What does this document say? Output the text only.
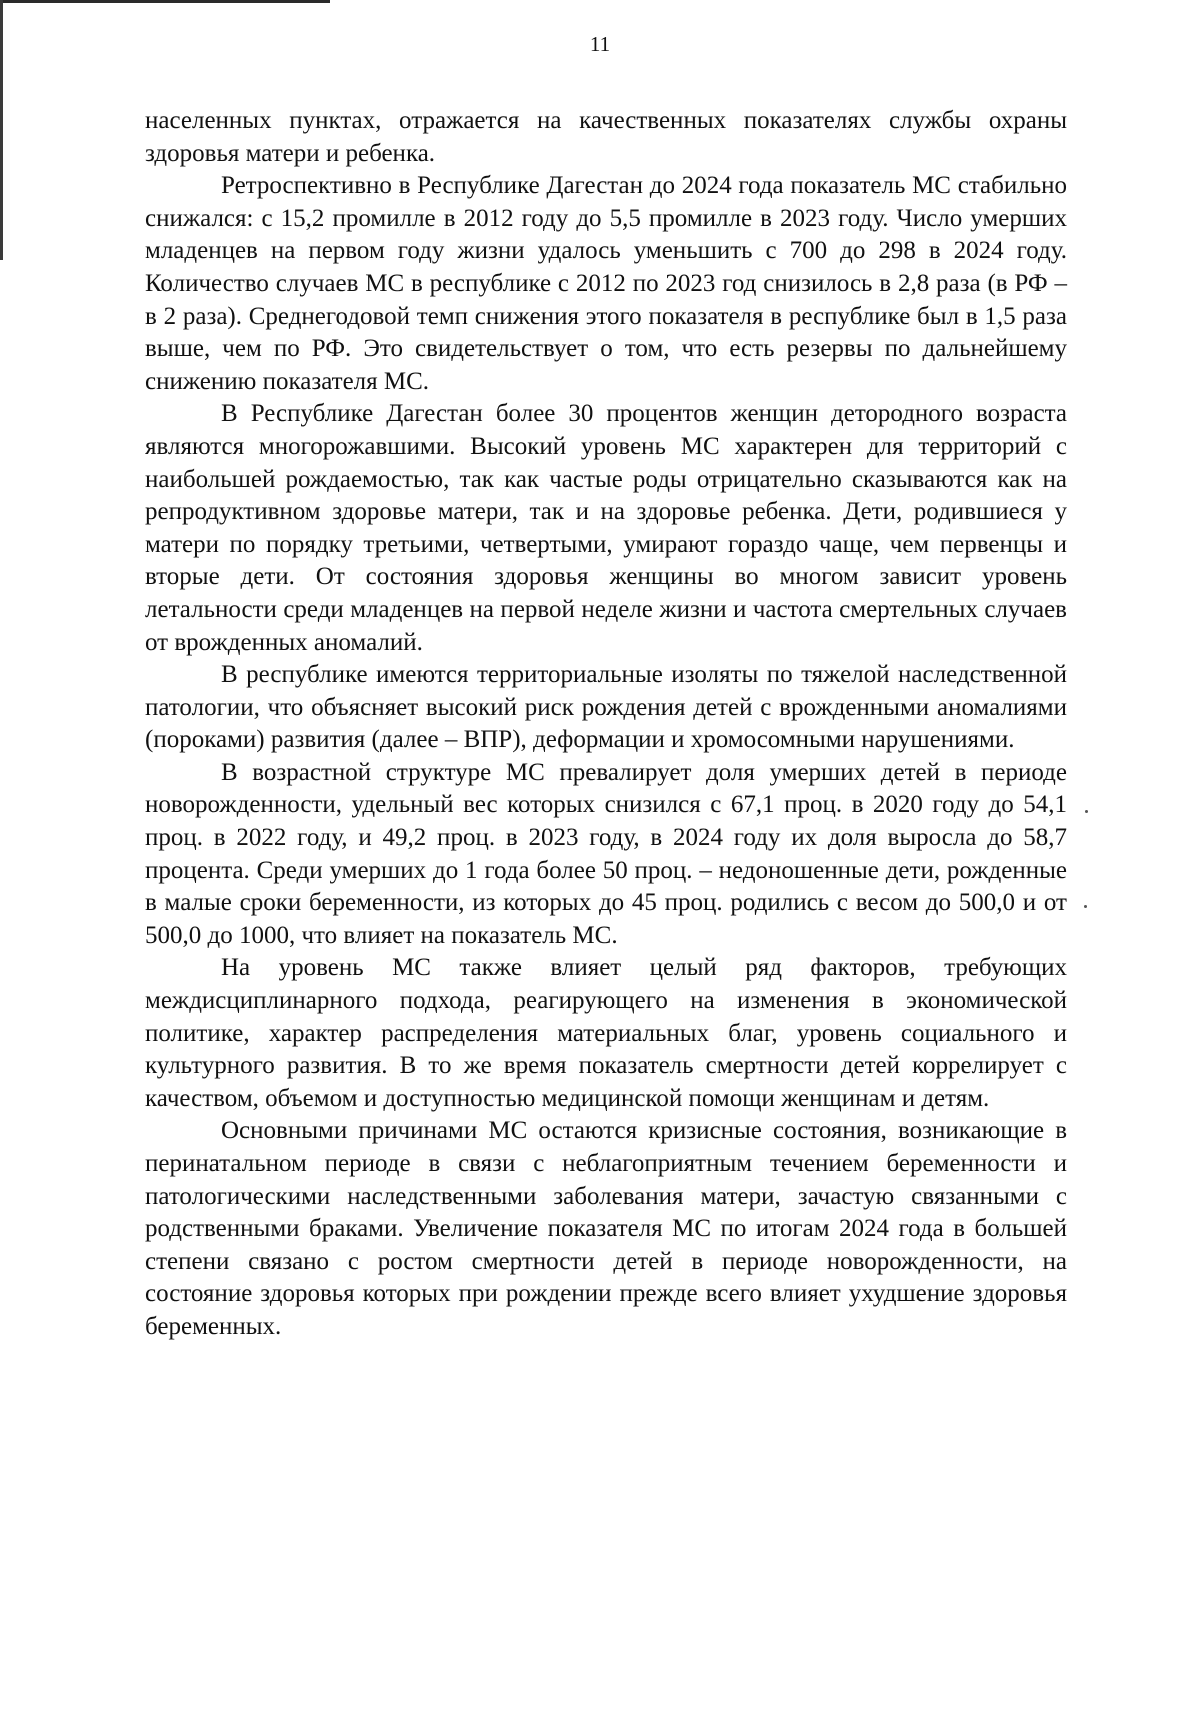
11

населенных пунктах, отражается на качественных показателях службы охраны здоровья матери и ребенка.

Ретроспективно в Республике Дагестан до 2024 года показатель МС стабильно снижался: с 15,2 промилле в 2012 году до 5,5 промилле в 2023 году. Число умерших младенцев на первом году жизни удалось уменьшить с 700 до 298 в 2024 году. Количество случаев МС в республике с 2012 по 2023 год снизилось в 2,8 раза (в РФ – в 2 раза). Среднегодовой темп снижения этого показателя в республике был в 1,5 раза выше, чем по РФ. Это свидетельствует о том, что есть резервы по дальнейшему снижению показателя МС.

В Республике Дагестан более 30 процентов женщин детородного возраста являются многорожавшими. Высокий уровень МС характерен для территорий с наибольшей рождаемостью, так как частые роды отрицательно сказываются как на репродуктивном здоровье матери, так и на здоровье ребенка. Дети, родившиеся у матери по порядку третьими, четвертыми, умирают гораздо чаще, чем первенцы и вторые дети. От состояния здоровья женщины во многом зависит уровень летальности среди младенцев на первой неделе жизни и частота смертельных случаев от врожденных аномалий.

В республике имеются территориальные изоляты по тяжелой наследственной патологии, что объясняет высокий риск рождения детей с врожденными аномалиями (пороками) развития (далее – ВПР), деформации и хромосомными нарушениями.

В возрастной структуре МС превалирует доля умерших детей в периоде новорожденности, удельный вес которых снизился с 67,1 проц. в 2020 году до 54,1 проц. в 2022 году, и 49,2 проц. в 2023 году, в 2024 году их доля выросла до 58,7 процента. Среди умерших до 1 года более 50 проц. – недоношенные дети, рожденные в малые сроки беременности, из которых до 45 проц. родились с весом до 500,0 и от 500,0 до 1000, что влияет на показатель МС.

На уровень МС также влияет целый ряд факторов, требующих междисциплинарного подхода, реагирующего на изменения в экономической политике, характер распределения материальных благ, уровень социального и культурного развития. В то же время показатель смертности детей коррелирует с качеством, объемом и доступностью медицинской помощи женщинам и детям.

Основными причинами МС остаются кризисные состояния, возникающие в перинатальном периоде в связи с неблагоприятным течением беременности и патологическими наследственными заболевания матери, зачастую связанными с родственными браками. Увеличение показателя МС по итогам 2024 года в большей степени связано с ростом смертности детей в периоде новорожденности, на состояние здоровья которых при рождении прежде всего влияет ухудшение здоровья беременных.
